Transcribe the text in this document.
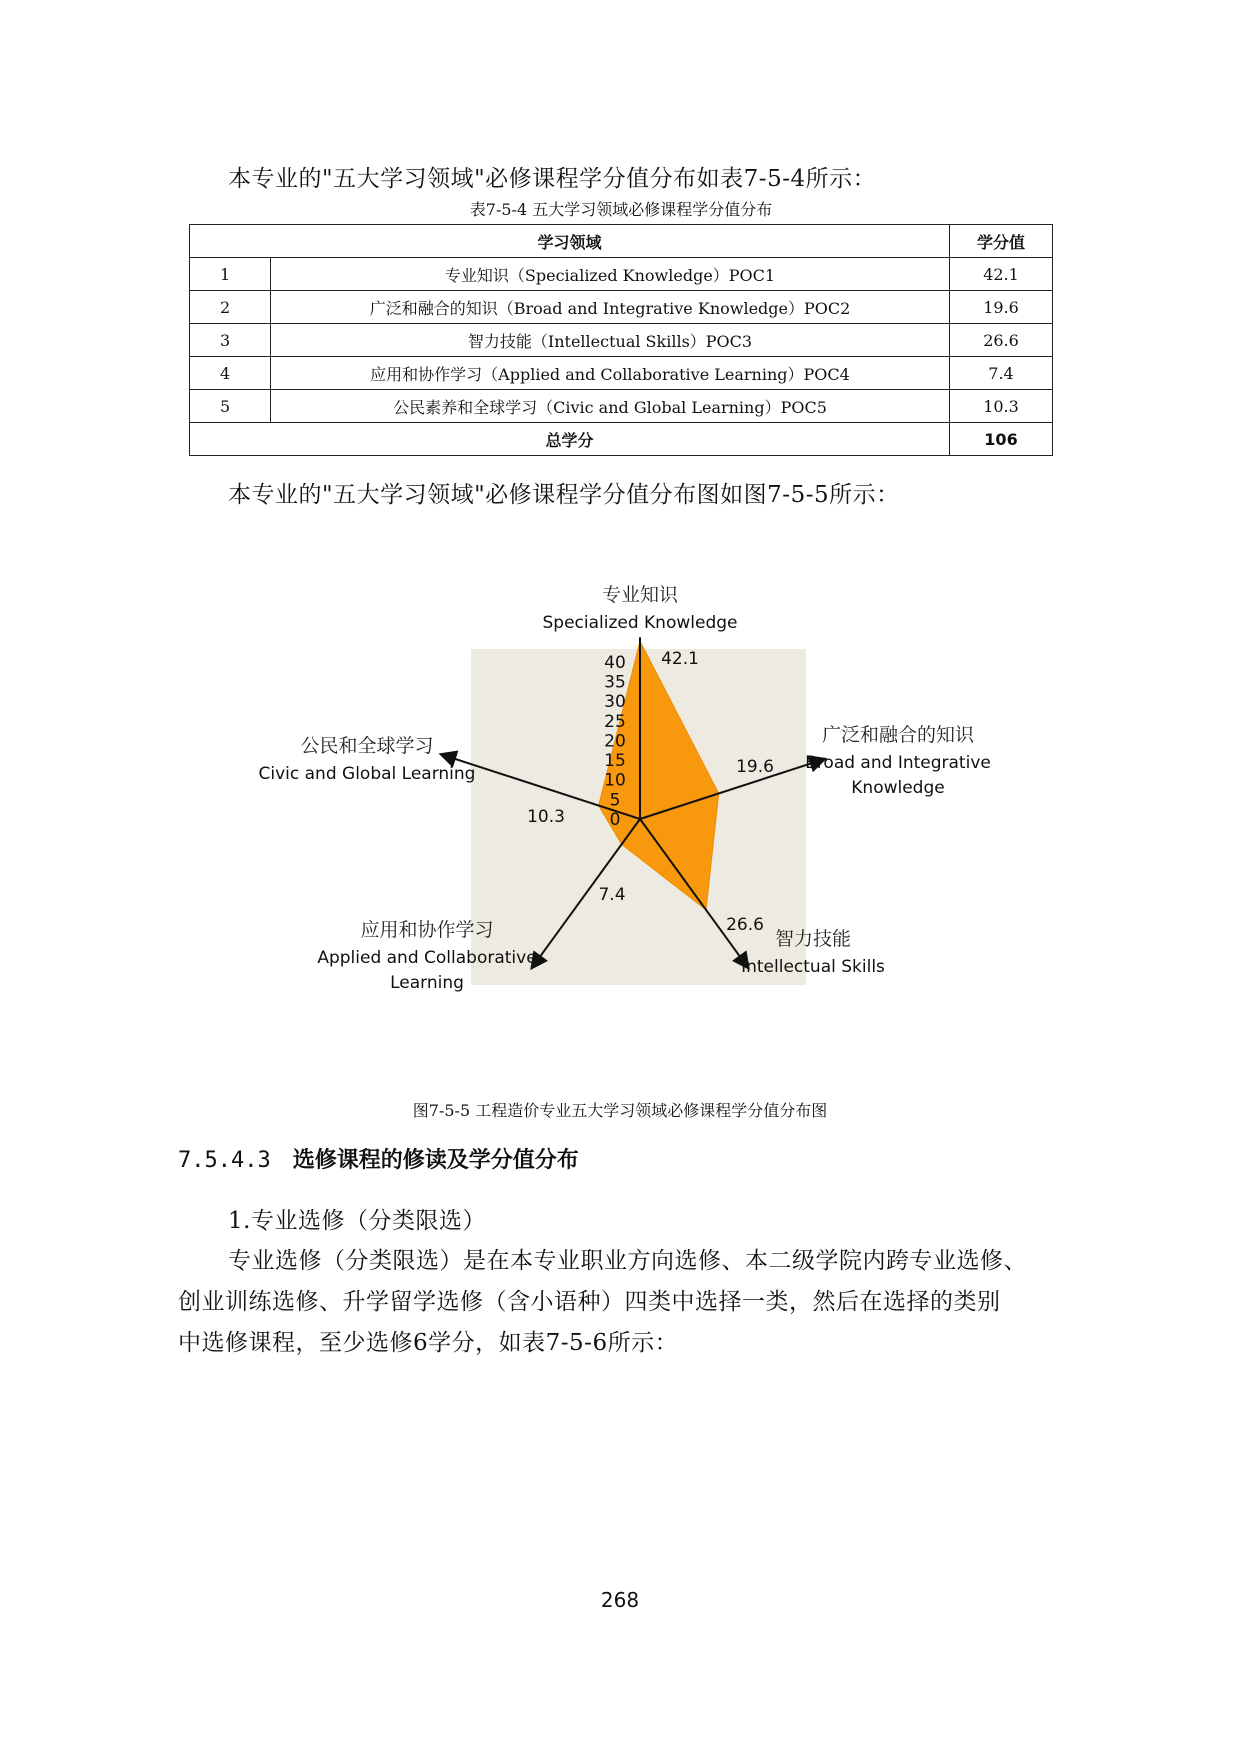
本专业的"五大学习领域"必修课程学分值分布如表7-5-4所示：
表7-5-4 五大学习领域必修课程学分值分布
学习领域		学分值
1	专业知识（Specialized Knowledge）POC1	42.1
2	广泛和融合的知识（Broad and Integrative Knowledge）POC2	19.6
3	智力技能（Intellectual Skills）POC3	26.6
4	应用和协作学习（Applied and Collaborative Learning）POC4	7.4
5	公民素养和全球学习（Civic and Global Learning）POC5	10.3
总学分		106
本专业的"五大学习领域"必修课程学分值分布图如图7-5-5所示：
40
35
30
25
20
15
10
5
0
42.1
19.6
26.6
7.4
10.3
专业知识
Specialized Knowledge
广泛和融合的知识
Broad and Integrative
Knowledge
智力技能
Intellectual Skills
应用和协作学习
Applied and Collaborative
Learning
公民和全球学习
Civic and Global Learning
图7-5-5 工程造价专业五大学习领域必修课程学分值分布图
7.5.4.3 选修课程的修读及学分值分布
1.专业选修（分类限选）
专业选修（分类限选）是在本专业职业方向选修、本二级学院内跨专业选修、
创业训练选修、升学留学选修（含小语种）四类中选择一类，然后在选择的类别
中选修课程，至少选修6学分，如表7-5-6所示：
268
